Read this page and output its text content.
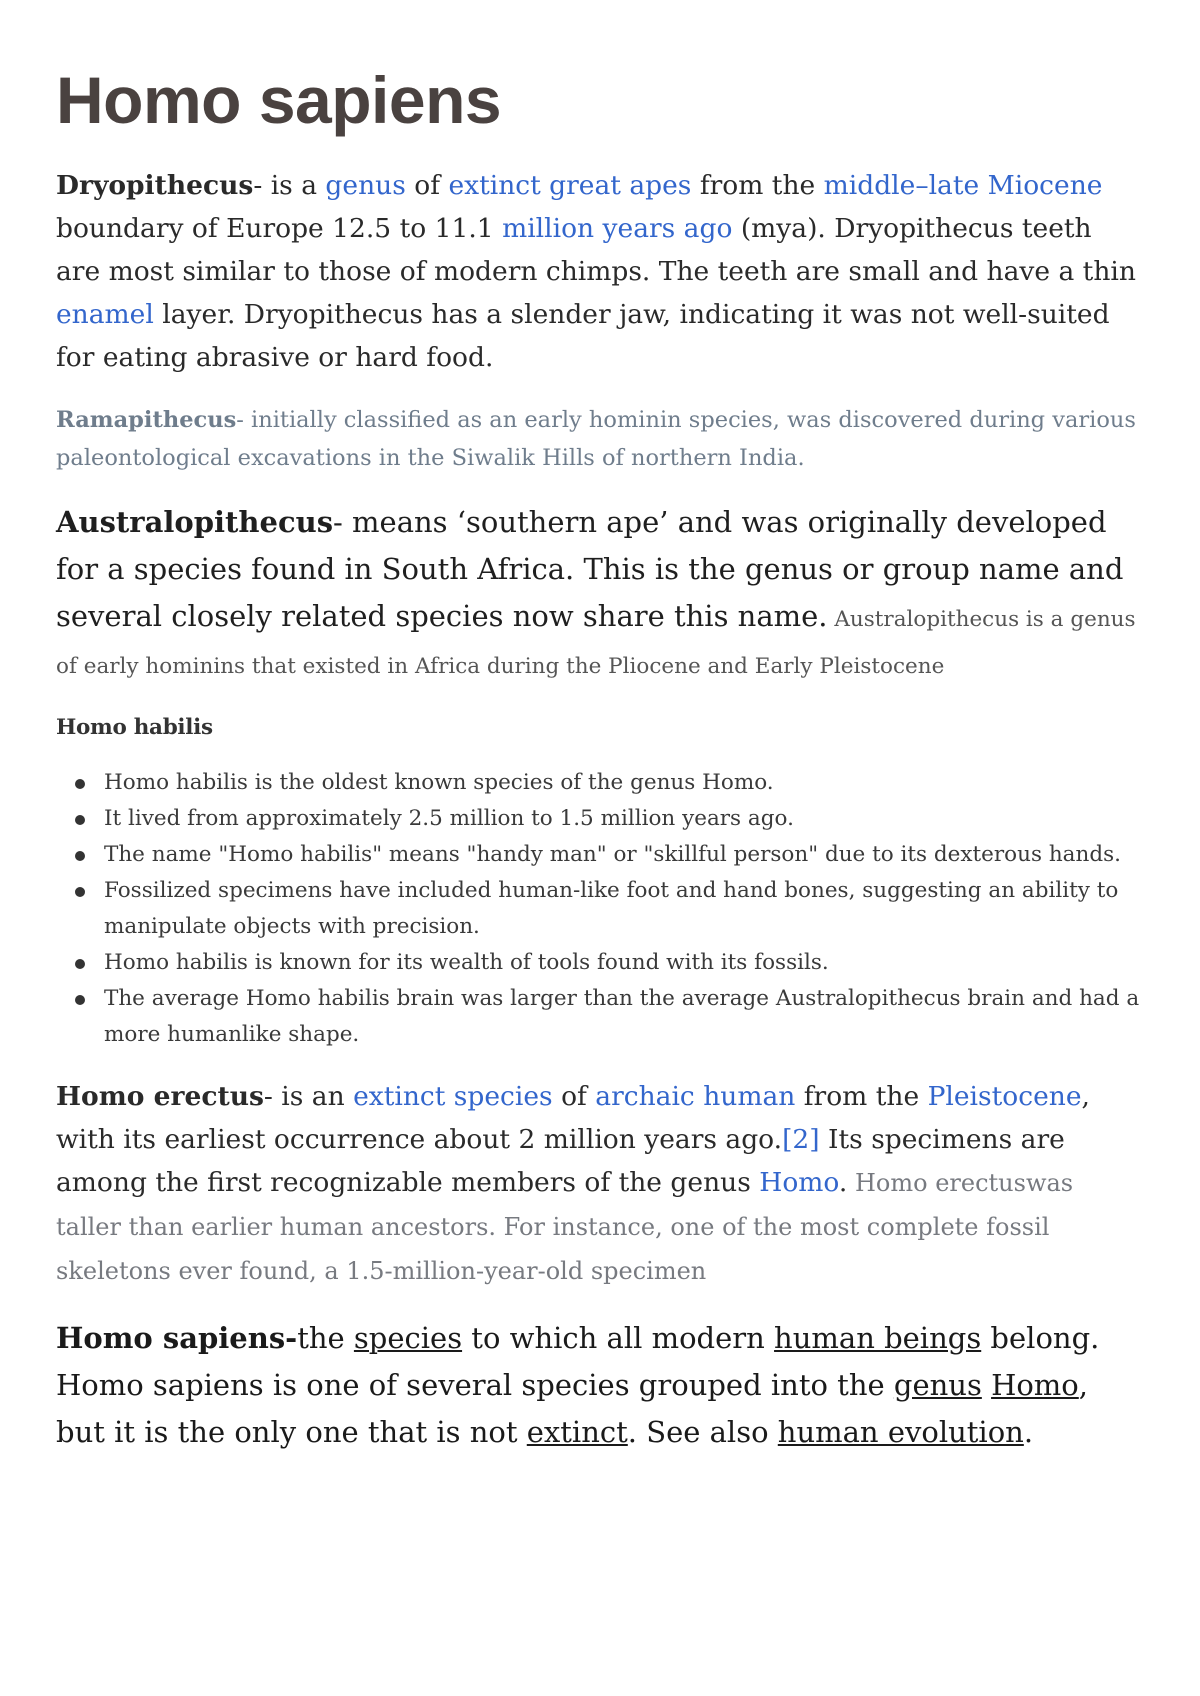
Homo sapiens

Dryopithecus- is a genus of extinct great apes from the middle–late Miocene boundary of Europe 12.5 to 11.1 million years ago (mya). Dryopithecus teeth are most similar to those of modern chimps. The teeth are small and have a thin enamel layer. Dryopithecus has a slender jaw, indicating it was not well-suited for eating abrasive or hard food.

Ramapithecus- initially classified as an early hominin species, was discovered during various paleontological excavations in the Siwalik Hills of northern India.

Australopithecus- means ‘southern ape’ and was originally developed for a species found in South Africa. This is the genus or group name and several closely related species now share this name. Australopithecus is a genus of early hominins that existed in Africa during the Pliocene and Early Pleistocene

Homo habilis
Homo habilis is the oldest known species of the genus Homo.
It lived from approximately 2.5 million to 1.5 million years ago.
The name "Homo habilis" means "handy man" or "skillful person" due to its dexterous hands.
Fossilized specimens have included human-like foot and hand bones, suggesting an ability to manipulate objects with precision.
Homo habilis is known for its wealth of tools found with its fossils.
The average Homo habilis brain was larger than the average Australopithecus brain and had a more humanlike shape.

Homo erectus- is an extinct species of archaic human from the Pleistocene, with its earliest occurrence about 2 million years ago.[2] Its specimens are among the first recognizable members of the genus Homo. Homo erectuswas taller than earlier human ancestors. For instance, one of the most complete fossil skeletons ever found, a 1.5-million-year-old specimen

Homo sapiens-the species to which all modern human beings belong. Homo sapiens is one of several species grouped into the genus Homo, but it is the only one that is not extinct. See also human evolution.
